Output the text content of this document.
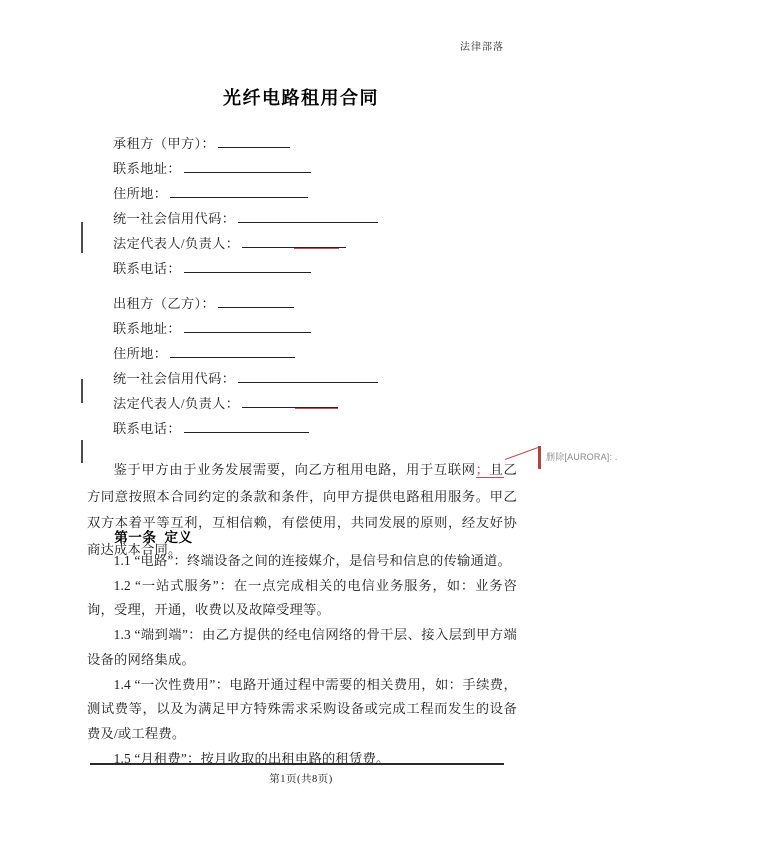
法律部落
光纤电路租用合同
承租方（甲方）：
联系地址：
住所地：
统一社会信用代码：
法定代表人/负责人：
联系电话：
出租方（乙方）：
联系地址：
住所地：
统一社会信用代码：
法定代表人/负责人：
联系电话：

鉴于甲方由于业务发展需要，向乙方租用电路，用于互联网；且乙方同意按照本合同约定的条款和条件，向甲方提供电路租用服务。甲乙双方本着平等互利，互相信赖，有偿使用，共同发展的原则，经友好协商达成本合同。

删除[AURORA]: .

第一条 定义

1.1 “电路”：终端设备之间的连接媒介，是信号和信息的传输通道。

1.2 “一站式服务”：在一点完成相关的电信业务服务，如：业务咨询，受理，开通，收费以及故障受理等。

1.3 “端到端”：由乙方提供的经电信网络的骨干层、接入层到甲方端设备的网络集成。

1.4 “一次性费用”：电路开通过程中需要的相关费用，如：手续费，测试费等，以及为满足甲方特殊需求采购设备或完成工程而发生的设备费及/或工程费。

1.5 “月租费”：按月收取的出租电路的租赁费。

第1页(共8页)
